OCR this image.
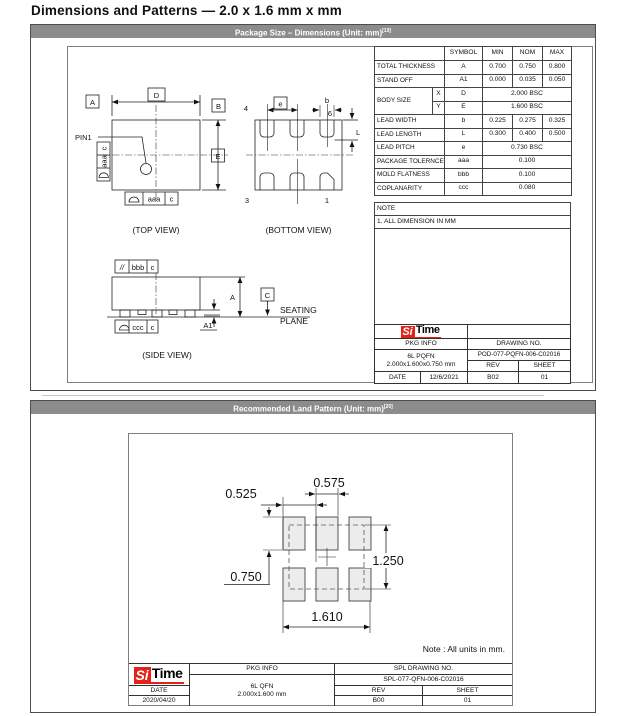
Dimensions and Patterns — 2.0 x 1.6 mm x mm
Package Size – Dimensions (Unit: mm)[19]
D
A	B
E
PIN1
c
aaa
aaa c
(TOP VIEW)
e	b
4
6
3	1
L
(BOTTOM VIEW)
A
A1
C
SEATING
PLANE
// bbb c
ccc c
(SIDE VIEW)
		SYMBOL	MIN	NOM	MAX
TOTAL THICKNESS		A	0.700	0.750	0.800
STAND OFF		A1	0.000	0.035	0.050
BODY SIZE	X	D	2.000 BSC		
	Y	E	1.600 BSC		
LEAD WIDTH		b	0.225	0.275	0.325
LEAD LENGTH		L	0.300	0.400	0.500
LEAD PITCH		e	0.730 BSC		
PACKAGE TOLERNCE		aaa	0.100		
MOLD FLATNESS		bbb	0.100		
COPLANARITY		ccc	0.080		
NOTE
1. ALL DIMENSION IN MM
Si Time
PKG INFO
6L PQFN
2.000x1.600x0.750 mm
DATE	12/6/2021
DRAWING NO.
POD-077-PQFN-006-C02016
REV	SHEET
B02	01
Recommended Land Pattern (Unit: mm)[20]
0.575
0.525
1.250
0.750
1.610
Note : All units in mm.
Si Time
DATE
2020/04/20
PKG INFO
6L QFN
2.000x1.600 mm
SPL DRAWING NO.
SPL-077-QFN-006-C02016
REV	SHEET
B00	01
